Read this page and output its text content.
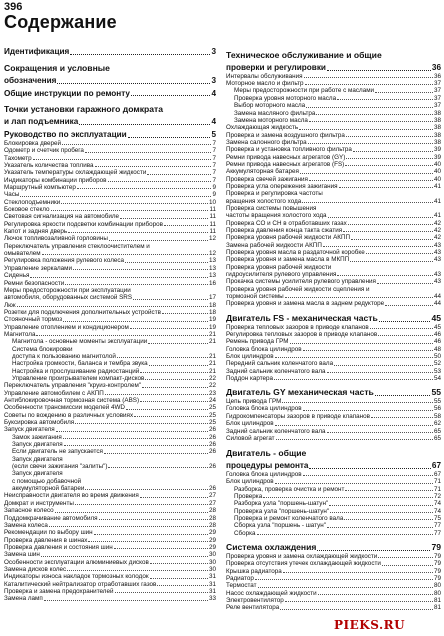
396
Содержание
Идентификация	3
Сокращения и условные
обозначения	3
Общие инструкции по ремонту	4
Точки установки гаражного домкрата
и лап подъемника	4
Руководство по эксплуатации	5
Блокировка дверей	7
Одометр и счетчик пробега	7
Тахометр	7
Указатель количества топлива	7
Указатель температуры охлаждающей жидкости	7
Индикаторы комбинации приборов	7
Маршрутный компьютер	9
Часы	9
Стеклоподъемники	10
Боковое стекло	11
Световая сигнализация на автомобиле	11
Регулировка яркости подсветки комбинации приборов	11
Капот и задняя дверь	11
Лючок топливозаливной горловины	12
Переключатель управления стеклоочистителем и
омывателем	12
Регулировка положения рулевого колеса	13
Управление зеркалами	13
Сиденья	13
Ремни безопасности	16
Меры предосторожности при эксплуатации
автомобиля, оборудованных системой SRS	17
Люк	18
Розетки для подключения дополнительных устройств	18
Стояночный тормоз	19
Управление отоплением и кондиционером	19
Магнитола	21
Магнитола - основные моменты эксплуатации	21
Система блокировки
доступа к пользованию магнитолой	21
Настройка громкости, баланса и тембра звука	21
Настройка и прослушивание радиостанций	21
Управление проигрывателем компакт-дисков	22
Переключатель управления "круиз-контролем"	22
Управление автомобилем с АКПП	23
Антиблокировочная тормозная система (ABS)	24
Особенности трансмиссии моделей 4WD	25
Советы по вождению в различных условиях	25
Буксировка автомобиля	25
Запуск двигателя	26
Замок зажигания	26
Запуск двигателя	26
Если двигатель не запускается	26
Запуск двигателя
(если свечи зажигания "залиты")	26
Запуск двигателя
с помощью добавочной
аккумуляторной батареи	26
Неисправности двигателя во время движения	27
Домкрат и инструменты	27
Запасное колесо	28
Поддомкрачивание автомобиля	28
Замена колеса	28
Рекомендации по выбору шин	29
Проверка давления в шинах	29
Проверка давления и состояния шин	29
Замена шин	30
Особенности эксплуатации алюминиевых дисков	30
Замена дисков колес	30
Индикаторы износа накладок тормозных колодок	31
Каталитический нейтрализатор отработавших газов	31
Проверка и замена предохранителей	31
Замена ламп	33
Техническое обслуживание и общие
проверки и регулировки	36
Интервалы обслуживания	36
Моторное масло и фильтр	37
Меры предосторожности при работе с маслами	37
Проверка уровня моторного масла	37
Выбор моторного масла	37
Замена масляного фильтра	38
Замена моторного масла	38
Охлаждающая жидкость	38
Проверка и замена воздушного фильтра	38
Замена салонного фильтра	38
Проверка и установка топливного фильтра	39
Ремни привода навесных агрегатов (GY)	39
Ремни привода навесных агрегатов (FS)	40
Аккумуляторная батарея	40
Проверка свечей зажигания	40
Проверка угла опережения зажигания	41
Проверка и регулировка частоты
вращения холостого хода	41
Проверка системы повышения
частоты вращения холостого хода	41
Проверка CO и CH в отработавших газах	42
Проверка давления конца такта сжатия	42
Проверка уровня рабочей жидкости АКПП	42
Замена рабочей жидкости АКПП	43
Проверка уровня масла в раздаточной коробке	43
Проверка уровня и замена масла в МКПП	43
Проверка уровня рабочей жидкости
гидроусилителя рулевого управления	43
Прокачка системы усилителя рулевого управления	43
Проверка уровня рабочей жидкости сцепления и
тормозной системы	44
Проверка уровня и замена масла в заднем редукторе	44
Двигатель FS - механическая часть	45
Проверка тепловых зазоров в приводе клапанов	45
Регулировка тепловых зазоров в приводе клапанов	46
Ремень привода ГРМ	46
Головка блока цилиндров	48
Блок цилиндров	50
Передний сальник коленчатого вала	52
Задний сальник коленчатого вала	53
Поддон картера	54
Двигатель GY механическая часть	55
Цепь привода ГРМ	55
Головка блока цилиндров	56
Гидрокомпенсаторы зазоров в приводе клапанов	58
Блок цилиндров	62
Задний сальник коленчатого вала	65
Силовой агрегат	65
Двигатель - общие
процедуры ремонта	67
Головка блока цилиндров	67
Блок цилиндров	71
Разборка, проверка очистка и ремонт	71
Проверка	72
Разборка узла "поршень-шатун"	74
Проверка узла "поршень-шатун"	74
Проверка и ремонт коленчатого вала	75
Сборка узла "поршень - шатун"	77
Сборка	77
Система охлаждения	79
Проверка уровня и замена охлаждающей жидкости	79
Проверка отсутствия утечек охлаждающей жидкости	79
Крышка радиатора	79
Радиатор	79
Термостат	80
Насос охлаждающей жидкости	80
Электровентилятор	81
Реле вентилятора	81
PIEKS.RU
